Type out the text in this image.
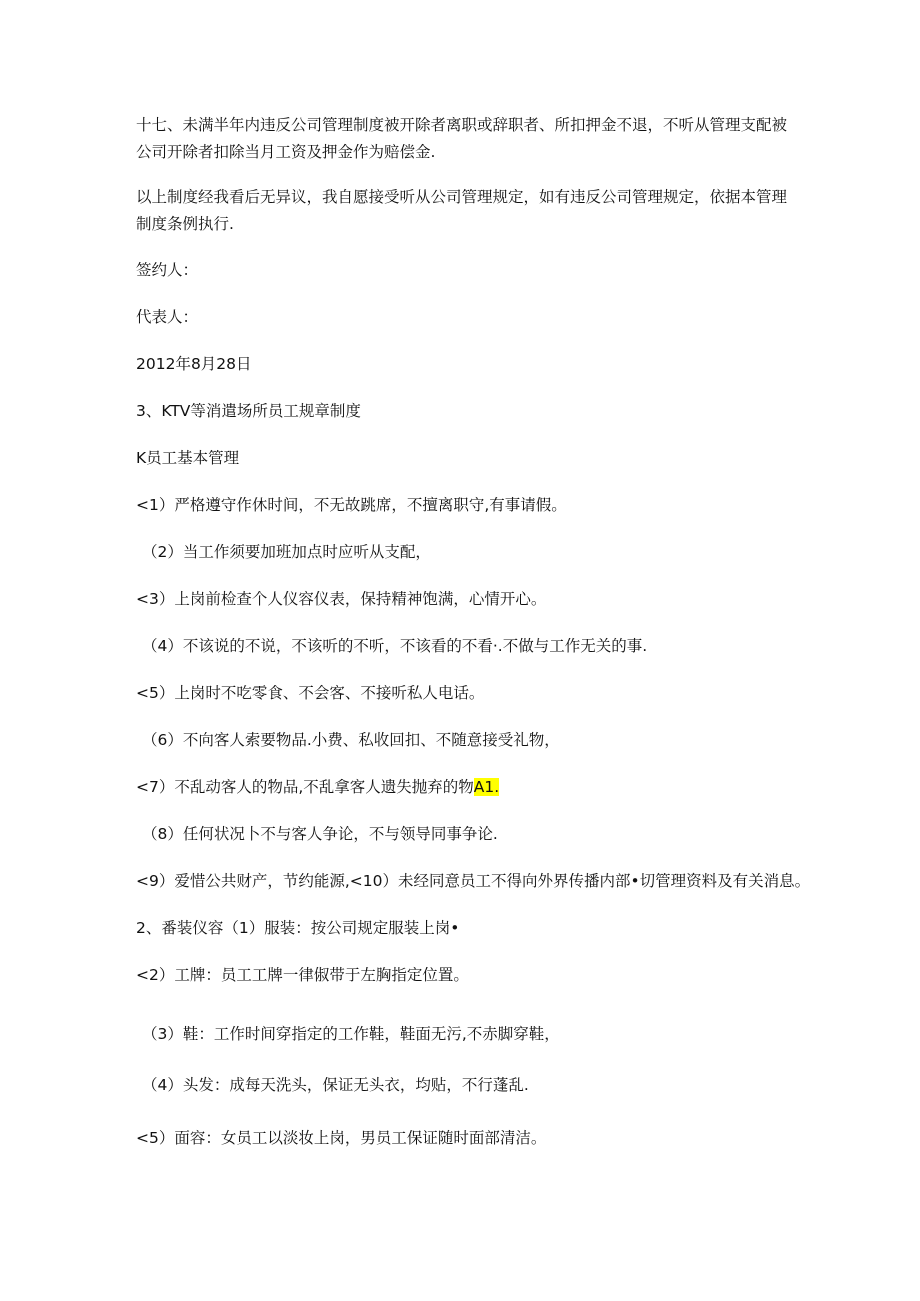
十七、未满半年内违反公司管理制度被开除者离职或辞职者、所扣押金不退，不听从管理支配被
公司开除者扣除当月工资及押金作为赔偿金.
以上制度经我看后无异议，我自愿接受听从公司管理规定，如有违反公司管理规定，依据本管理
制度条例执行.
签约人：
代表人：
2012年8月28日
3、KTV等消遣场所员工规章制度
K员工基本管理
<1）严格遵守作休时间，不无故跳席，不擅离职守,有事请假。
（2）当工作须要加班加点时应听从支配，
<3）上岗前检查个人仪容仪表，保持精神饱满，心情开心。
（4）不该说的不说，不该听的不听，不该看的不看·.不做与工作无关的事.
<5）上岗时不吃零食、不会客、不接听私人电话。
（6）不向客人索要物品.小费、私收回扣、不随意接受礼物，
<7）不乱动客人的物品,不乱拿客人遗失抛弃的物A1.
（8）任何状况卜不与客人争论，不与领导同事争论.
<9）爱惜公共财产，节约能源,<10）未经同意员工不得向外界传播内部•切管理资料及有关消息。
2、番装仪容（1）服装：按公司规定服装上岗•
<2）工牌：员工工牌一律俶带于左胸指定位置。
（3）鞋：工作时间穿指定的工作鞋，鞋面无污,不赤脚穿鞋，
（4）头发：成每天洗头，保证无头衣，均贴，不行蓬乱.
<5）面容：女员工以淡妆上岗，男员工保证随时面部清洁。
